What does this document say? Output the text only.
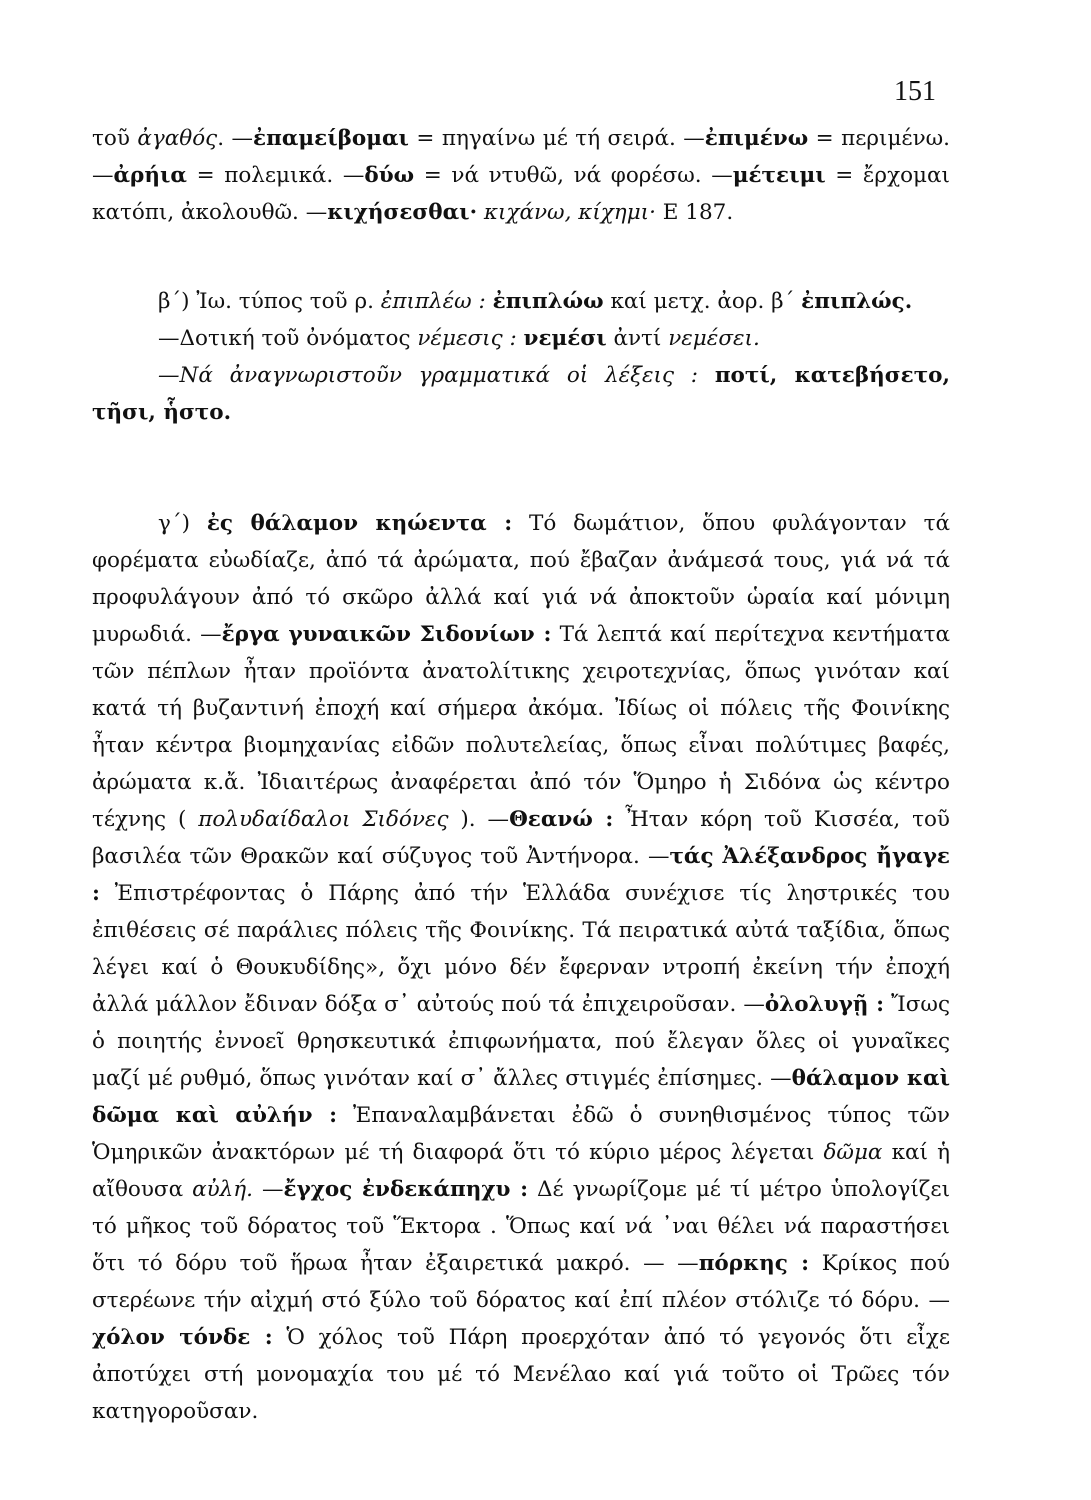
151

τοῦ ἀγαθός. —ἐπαμείβομαι = πηγαίνω μέ τή σειρά. —ἐπιμένω = περιμένω. —ἀρήια = πολεμικά. —δύω = νά ντυθῶ, νά φορέσω. —μέτειμι = ἔρχομαι κατόπι, ἀκολουθῶ. —κιχήσεσθαι· κιχάνω, κίχημι· Ε 187.

β΄) Ἰω. τύπος τοῦ ρ. ἐπιπλέω : ἐπιπλώω καί μετχ. ἀορ. β΄ ἐπιπλώς.

—Δοτική τοῦ ὀνόματος νέμεσις : νεμέσι ἀντί νεμέσει.

—Νά ἀναγνωριστοῦν γραμματικά οἱ λέξεις : ποτί, κατεβήσετο, τῆσι, ἧστο.

γ΄) ἐς θάλαμον κηώεντα : Τό δωμάτιον, ὅπου φυλάγονταν τά φορέματα εὐωδίαζε, ἀπό τά ἀρώματα, πού ἔβαζαν ἀνάμεσά τους, γιά νά τά προφυλάγουν ἀπό τό σκῶρο ἀλλά καί γιά νά ἀποκτοῦν ὡραία καί μόνιμη μυρωδιά. —ἔργα γυναικῶν Σιδονίων : Τά λεπτά καί περίτεχνα κεντήματα τῶν πέπλων ἦταν προϊόντα ἀνατολίτικης χειροτεχνίας, ὅπως γινόταν καί κατά τή βυζαντινή ἐποχή καί σήμερα ἀκόμα. Ἰδίως οἱ πόλεις τῆς Φοινίκης ἦταν κέντρα βιομηχανίας εἰδῶν πολυτελείας, ὅπως εἶναι πολύτιμες βαφές, ἀρώματα κ.ἄ. Ἰδιαιτέρως ἀναφέρεται ἀπό τόν Ὅμηρο ἡ Σιδόνα ὡς κέντρο τέχνης ( πολυδαίδαλοι Σιδόνες ). —Θεανώ : Ἦταν κόρη τοῦ Κισσέα, τοῦ βασιλέα τῶν Θρακῶν καί σύζυγος τοῦ Ἀντήνορα. —τάς Ἀλέξανδρος ἤγαγε : Ἐπιστρέφοντας ὁ Πάρης ἀπό τήν Ἑλλάδα συνέχισε τίς ληστρικές του ἐπιθέσεις σέ παράλιες πόλεις τῆς Φοινίκης. Τά πειρατικά αὐτά ταξίδια, ὅπως λέγει καί ὁ Θουκυδίδης», ὄχι μόνο δέν ἔφερναν ντροπή ἐκείνη τήν ἐποχή ἀλλά μάλλον ἔδιναν δόξα σ᾽ αὐτούς πού τά ἐπιχειροῦσαν. —ὀλολυγῇ : Ἴσως ὁ ποιητής ἐννοεῖ θρησκευτικά ἐπιφωνήματα, πού ἔλεγαν ὅλες οἱ γυναῖκες μαζί μέ ρυθμό, ὅπως γινόταν καί σ᾽ ἄλλες στιγμές ἐπίσημες. —θάλαμον καὶ δῶμα καὶ αὐλήν : Ἐπαναλαμβάνεται ἐδῶ ὁ συνηθισμένος τύπος τῶν Ὁμηρικῶν ἀνακτόρων μέ τή διαφορά ὅτι τό κύριο μέρος λέγεται δῶμα καί ἡ αἴθουσα αὐλή. —ἔγχος ἐνδεκάπηχυ : Δέ γνωρίζομε μέ τί μέτρο ὑπολογίζει τό μῆκος τοῦ δόρατος τοῦ Ἕκτορα . Ὅπως καί νά ᾽ναι θέλει νά παραστήσει ὅτι τό δόρυ τοῦ ἥρωα ἦταν ἐξαιρετικά μακρό. — —πόρκης : Κρίκος πού στερέωνε τήν αἰχμή στό ξύλο τοῦ δόρατος καί ἐπί πλέον στόλιζε τό δόρυ. —χόλον τόνδε : Ὁ χόλος τοῦ Πάρη προερχόταν ἀπό τό γεγονός ὅτι εἶχε ἀποτύχει στή μονομαχία του μέ τό Μενέλαο καί γιά τοῦτο οἱ Τρῶες τόν κατηγοροῦσαν.
